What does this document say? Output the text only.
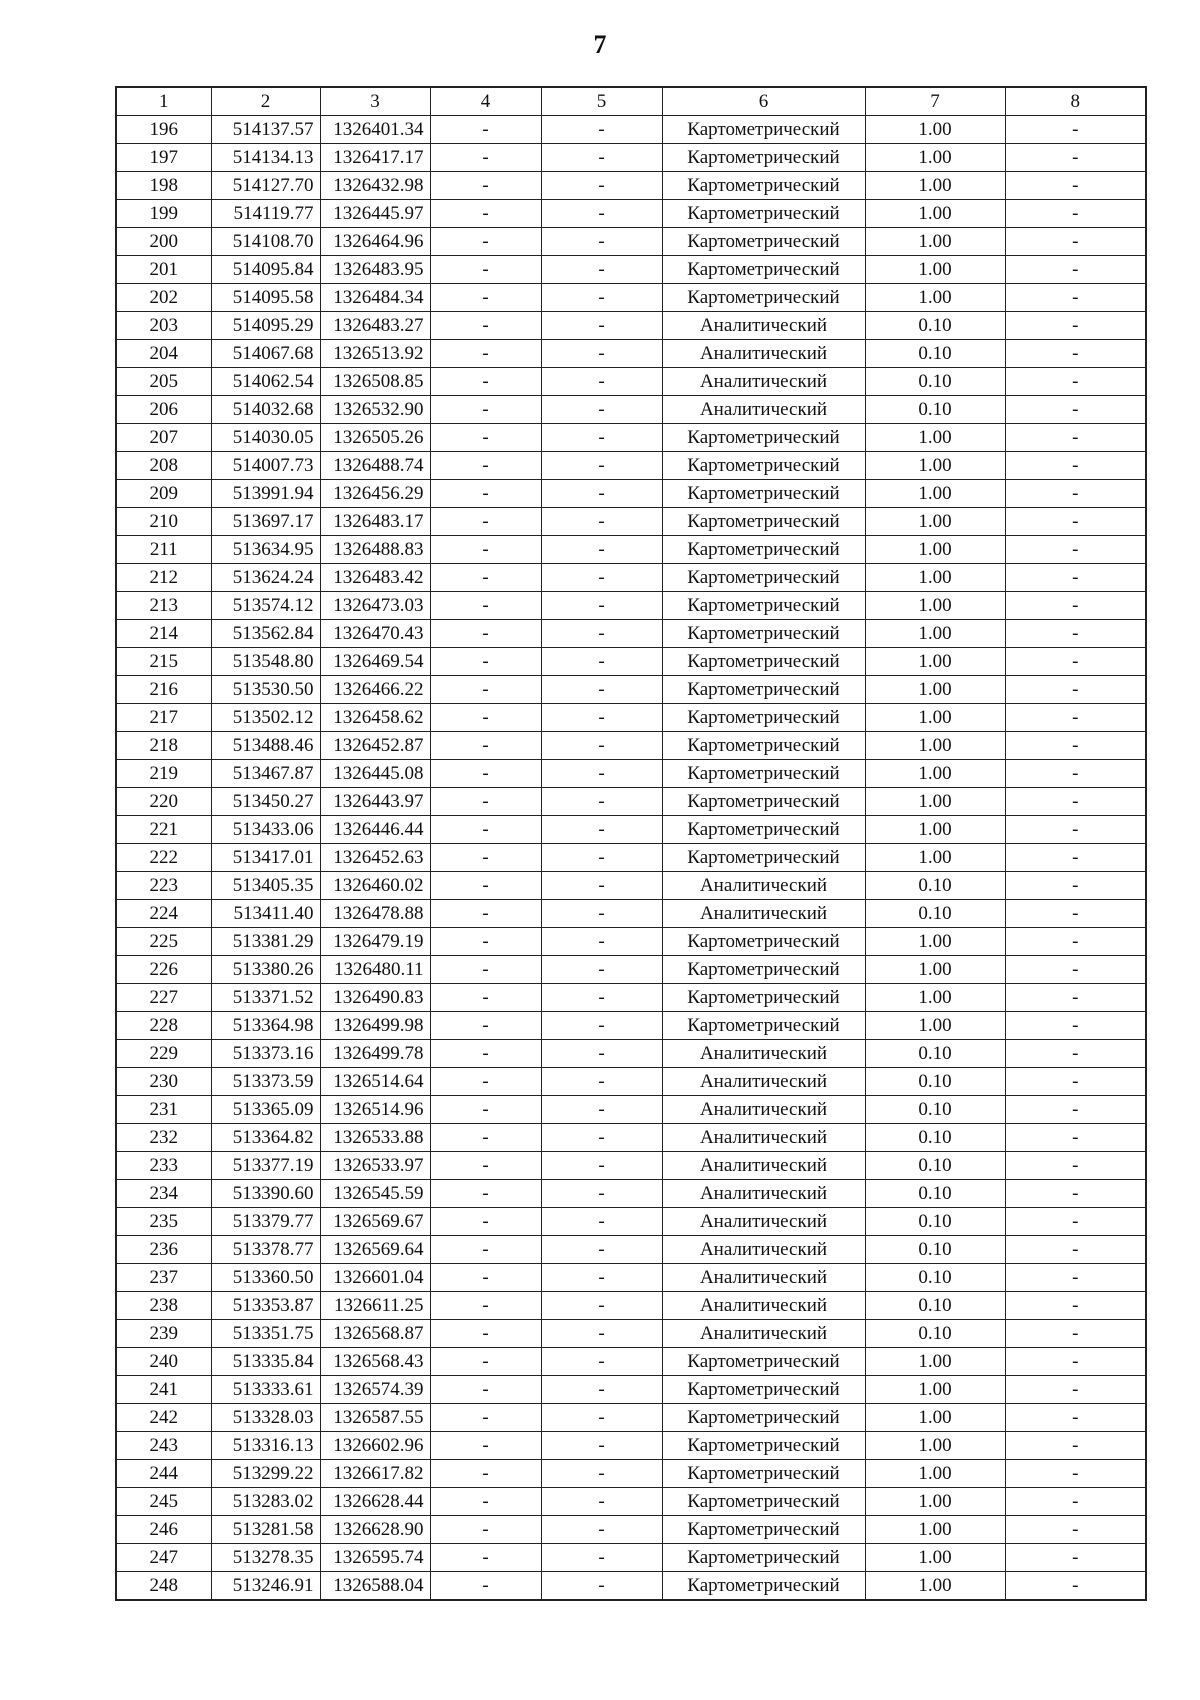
7
1	2	3	4	5	6	7	8
196	514137.57	1326401.34	-	-	Картометрический	1.00	-
197	514134.13	1326417.17	-	-	Картометрический	1.00	-
198	514127.70	1326432.98	-	-	Картометрический	1.00	-
199	514119.77	1326445.97	-	-	Картометрический	1.00	-
200	514108.70	1326464.96	-	-	Картометрический	1.00	-
201	514095.84	1326483.95	-	-	Картометрический	1.00	-
202	514095.58	1326484.34	-	-	Картометрический	1.00	-
203	514095.29	1326483.27	-	-	Аналитический	0.10	-
204	514067.68	1326513.92	-	-	Аналитический	0.10	-
205	514062.54	1326508.85	-	-	Аналитический	0.10	-
206	514032.68	1326532.90	-	-	Аналитический	0.10	-
207	514030.05	1326505.26	-	-	Картометрический	1.00	-
208	514007.73	1326488.74	-	-	Картометрический	1.00	-
209	513991.94	1326456.29	-	-	Картометрический	1.00	-
210	513697.17	1326483.17	-	-	Картометрический	1.00	-
211	513634.95	1326488.83	-	-	Картометрический	1.00	-
212	513624.24	1326483.42	-	-	Картометрический	1.00	-
213	513574.12	1326473.03	-	-	Картометрический	1.00	-
214	513562.84	1326470.43	-	-	Картометрический	1.00	-
215	513548.80	1326469.54	-	-	Картометрический	1.00	-
216	513530.50	1326466.22	-	-	Картометрический	1.00	-
217	513502.12	1326458.62	-	-	Картометрический	1.00	-
218	513488.46	1326452.87	-	-	Картометрический	1.00	-
219	513467.87	1326445.08	-	-	Картометрический	1.00	-
220	513450.27	1326443.97	-	-	Картометрический	1.00	-
221	513433.06	1326446.44	-	-	Картометрический	1.00	-
222	513417.01	1326452.63	-	-	Картометрический	1.00	-
223	513405.35	1326460.02	-	-	Аналитический	0.10	-
224	513411.40	1326478.88	-	-	Аналитический	0.10	-
225	513381.29	1326479.19	-	-	Картометрический	1.00	-
226	513380.26	1326480.11	-	-	Картометрический	1.00	-
227	513371.52	1326490.83	-	-	Картометрический	1.00	-
228	513364.98	1326499.98	-	-	Картометрический	1.00	-
229	513373.16	1326499.78	-	-	Аналитический	0.10	-
230	513373.59	1326514.64	-	-	Аналитический	0.10	-
231	513365.09	1326514.96	-	-	Аналитический	0.10	-
232	513364.82	1326533.88	-	-	Аналитический	0.10	-
233	513377.19	1326533.97	-	-	Аналитический	0.10	-
234	513390.60	1326545.59	-	-	Аналитический	0.10	-
235	513379.77	1326569.67	-	-	Аналитический	0.10	-
236	513378.77	1326569.64	-	-	Аналитический	0.10	-
237	513360.50	1326601.04	-	-	Аналитический	0.10	-
238	513353.87	1326611.25	-	-	Аналитический	0.10	-
239	513351.75	1326568.87	-	-	Аналитический	0.10	-
240	513335.84	1326568.43	-	-	Картометрический	1.00	-
241	513333.61	1326574.39	-	-	Картометрический	1.00	-
242	513328.03	1326587.55	-	-	Картометрический	1.00	-
243	513316.13	1326602.96	-	-	Картометрический	1.00	-
244	513299.22	1326617.82	-	-	Картометрический	1.00	-
245	513283.02	1326628.44	-	-	Картометрический	1.00	-
246	513281.58	1326628.90	-	-	Картометрический	1.00	-
247	513278.35	1326595.74	-	-	Картометрический	1.00	-
248	513246.91	1326588.04	-	-	Картометрический	1.00	-
